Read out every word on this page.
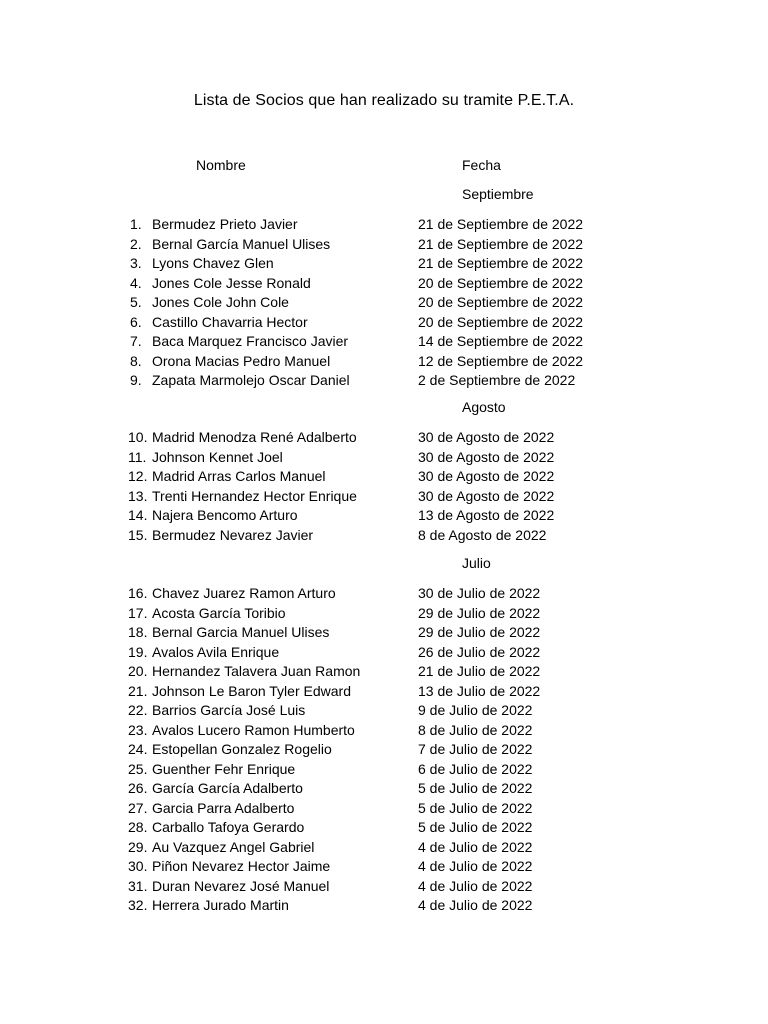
Lista de Socios que han realizado su tramite P.E.T.A.
Nombre	Fecha
Septiembre
1. Bermudez Prieto Javier	21 de Septiembre de 2022
2. Bernal García Manuel Ulises	21 de Septiembre de 2022
3. Lyons Chavez Glen	21 de Septiembre de 2022
4. Jones Cole Jesse Ronald	20 de Septiembre de 2022
5. Jones Cole John Cole	20 de Septiembre de 2022
6. Castillo Chavarria Hector	20 de Septiembre de 2022
7. Baca Marquez Francisco Javier	14 de Septiembre de 2022
8. Orona Macias Pedro Manuel	12 de Septiembre de 2022
9. Zapata Marmolejo Oscar Daniel	2 de Septiembre de 2022
Agosto
10. Madrid Menodza René Adalberto	30 de Agosto de 2022
11. Johnson Kennet Joel	30 de Agosto de 2022
12. Madrid Arras Carlos Manuel	30 de Agosto de 2022
13. Trenti Hernandez Hector Enrique	30 de Agosto de 2022
14. Najera Bencomo Arturo	13 de Agosto de 2022
15. Bermudez Nevarez Javier	8 de Agosto de 2022
Julio
16. Chavez Juarez Ramon Arturo	30 de Julio de 2022
17. Acosta García Toribio	29 de Julio de 2022
18. Bernal Garcia Manuel Ulises	29 de Julio de 2022
19. Avalos Avila Enrique	26 de Julio de 2022
20. Hernandez Talavera Juan Ramon	21 de Julio de 2022
21. Johnson Le Baron Tyler Edward	13 de Julio de 2022
22. Barrios García José Luis	9 de Julio de 2022
23. Avalos Lucero Ramon Humberto	8 de Julio de 2022
24. Estopellan Gonzalez Rogelio	7 de Julio de 2022
25. Guenther Fehr Enrique	6 de Julio de 2022
26. García García Adalberto	5 de Julio de 2022
27. Garcia Parra Adalberto	5 de Julio de 2022
28. Carballo Tafoya Gerardo	5 de Julio de 2022
29. Au Vazquez Angel Gabriel	4 de Julio de 2022
30. Piñon Nevarez Hector Jaime	4 de Julio de 2022
31. Duran Nevarez José Manuel	4 de Julio de 2022
32. Herrera Jurado Martin	4 de Julio de 2022
